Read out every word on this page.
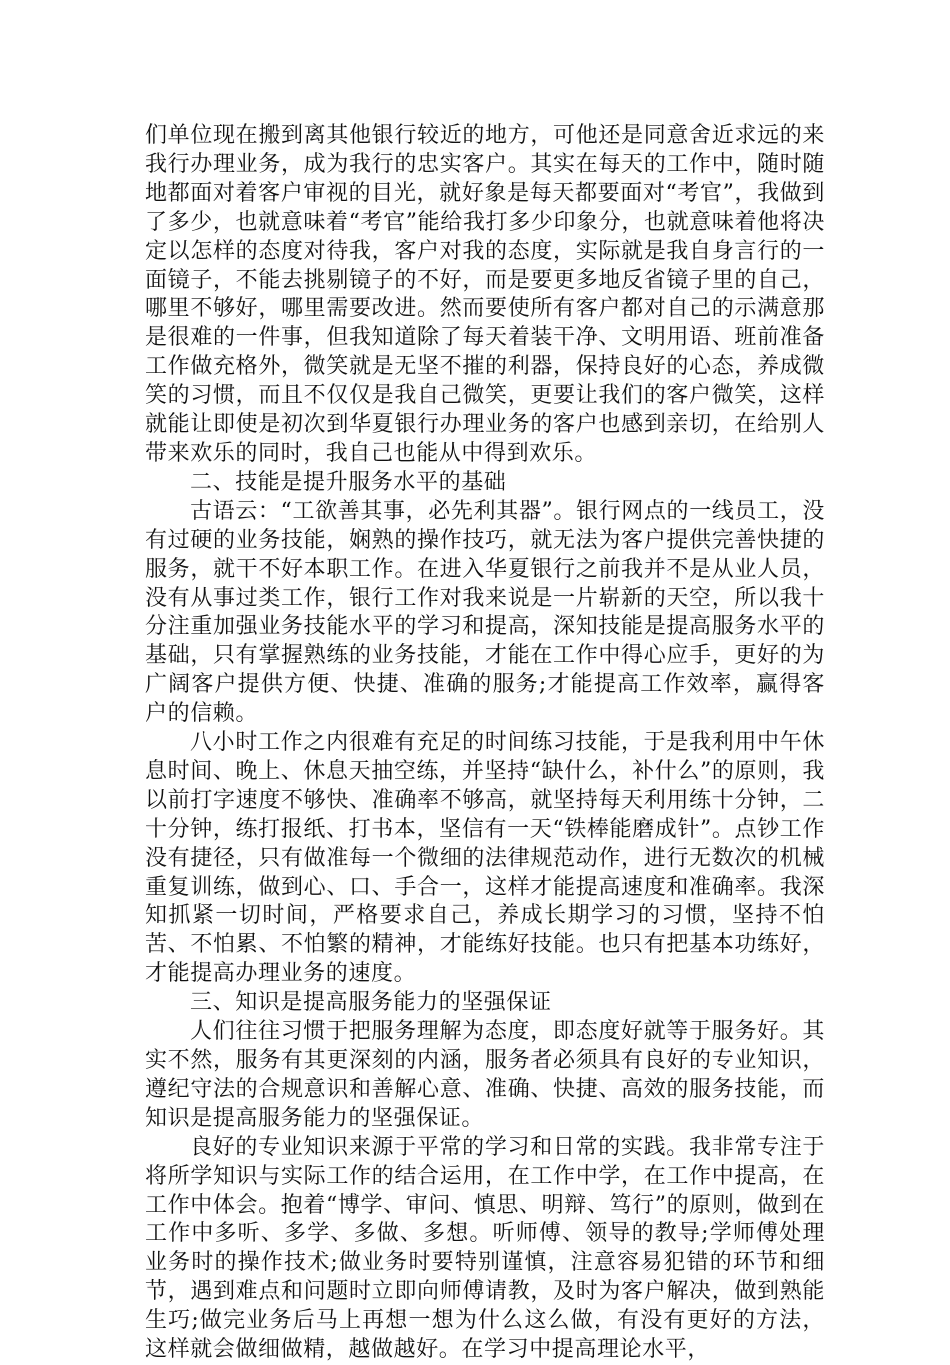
们单位现在搬到离其他银行较近的地方，可他还是同意舍近求远的来我行办理业务，成为我行的忠实客户。其实在每天的工作中，随时随地都面对着客户审视的目光，就好象是每天都要面对“考官”，我做到了多少，也就意味着“考官”能给我打多少印象分，也就意味着他将决定以怎样的态度对待我，客户对我的态度，实际就是我自身言行的一面镜子，不能去挑剔镜子的不好，而是要更多地反省镜子里的自己，哪里不够好，哪里需要改进。然而要使所有客户都对自己的示满意那是很难的一件事，但我知道除了每天着装干净、文明用语、班前准备工作做充格外，微笑就是无坚不摧的利器，保持良好的心态，养成微笑的习惯，而且不仅仅是我自己微笑，更要让我们的客户微笑，这样就能让即使是初次到华夏银行办理业务的客户也感到亲切，在给别人带来欢乐的同时，我自己也能从中得到欢乐。

二、技能是提升服务水平的基础

古语云：“工欲善其事，必先利其器”。银行网点的一线员工，没有过硬的业务技能，娴熟的操作技巧，就无法为客户提供完善快捷的服务，就干不好本职工作。在进入华夏银行之前我并不是从业人员，没有从事过类工作，银行工作对我来说是一片崭新的天空，所以我十分注重加强业务技能水平的学习和提高，深知技能是提高服务水平的基础，只有掌握熟练的业务技能，才能在工作中得心应手，更好的为广阔客户提供方便、快捷、准确的服务;才能提高工作效率，赢得客户的信赖。

八小时工作之内很难有充足的时间练习技能，于是我利用中午休息时间、晚上、休息天抽空练，并坚持“缺什么，补什么”的原则，我以前打字速度不够快、准确率不够高，就坚持每天利用练十分钟，二十分钟，练打报纸、打书本，坚信有一天“铁棒能磨成针”。点钞工作没有捷径，只有做准每一个微细的法律规范动作，进行无数次的机械重复训练，做到心、口、手合一，这样才能提高速度和准确率。我深知抓紧一切时间，严格要求自己，养成长期学习的习惯，坚持不怕苦、不怕累、不怕繁的精神，才能练好技能。也只有把基本功练好，才能提高办理业务的速度。

三、知识是提高服务能力的坚强保证

人们往往习惯于把服务理解为态度，即态度好就等于服务好。其实不然，服务有其更深刻的内涵，服务者必须具有良好的专业知识，遵纪守法的合规意识和善解心意、准确、快捷、高效的服务技能，而知识是提高服务能力的坚强保证。

良好的专业知识来源于平常的学习和日常的实践。我非常专注于将所学知识与实际工作的结合运用，在工作中学，在工作中提高，在工作中体会。抱着“博学、审问、慎思、明辩、笃行”的原则，做到在工作中多听、多学、多做、多想。听师傅、领导的教导;学师傅处理业务时的操作技术;做业务时要特别谨慎，注意容易犯错的环节和细节，遇到难点和问题时立即向师傅请教，及时为客户解决，做到熟能生巧;做完业务后马上再想一想为什么这么做，有没有更好的方法，这样就会做细做精，越做越好。在学习中提高理论水平，
